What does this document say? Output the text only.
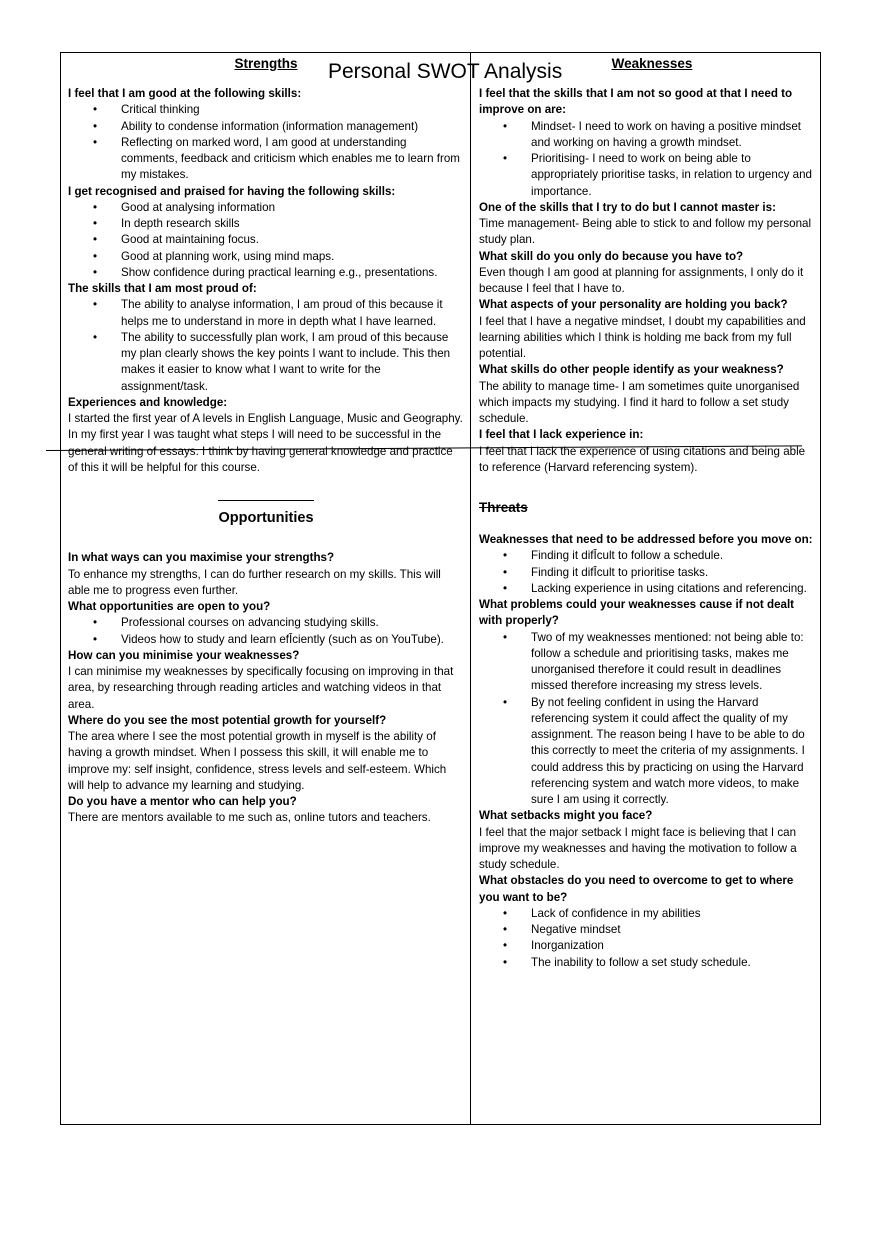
Personal SWOT Analysis
Strengths

I feel that I am good at the following skills:

• Critical thinking
• Ability to condense information (information management)
• Reflecting on marked word, I am good at understanding comments, feedback and criticism which enables me to learn from my mistakes.

I get recognised and praised for having the following skills:

• Good at analysing information
• In depth research skills
• Good at maintaining focus.
• Good at planning work, using mind maps.
• Show confidence during practical learning e.g., presentations.

The skills that I am most proud of:

• The ability to analyse information, I am proud of this because it helps me to understand in more in depth what I have learned.
• The ability to successfully plan work, I am proud of this because my plan clearly shows the key points I want to include. This then makes it easier to know what I want to write for the assignment/task.

Experiences and knowledge:

I started the first year of A levels in English Language, Music and Geography. In my first year I was taught what steps I will need to be successful in the general writing of essays. I think by having general knowledge and practice of this it will be helpful for this course.

Opportunities

In what ways can you maximise your strengths?

To enhance my strengths, I can do further research on my skills. This will able me to progress even further.

What opportunities are open to you?

• Professional courses on advancing studying skills.
• Videos how to study and learn efĪciently (such as on YouTube).

How can you minimise your weaknesses?

I can minimise my weaknesses by specifically focusing on improving in that area, by researching through reading articles and watching videos in that area.

Where do you see the most potential growth for yourself?

The area where I see the most potential growth in myself is the ability of having a growth mindset. When I possess this skill, it will enable me to improve my: self insight, confidence, stress levels and self-esteem. Which will help to advance my learning and studying.

Do you have a mentor who can help you?

There are mentors available to me such as, online tutors and teachers.

Weaknesses

I feel that the skills that I am not so good at that I need to improve on are:

• Mindset- I need to work on having a positive mindset and working on having a growth mindset.
• Prioritising- I need to work on being able to appropriately prioritise tasks, in relation to urgency and importance.

One of the skills that I try to do but I cannot master is:

Time management- Being able to stick to and follow my personal study plan.

What skill do you only do because you have to?

Even though I am good at planning for assignments, I only do it because I feel that I have to.

What aspects of your personality are holding you back?

I feel that I have a negative mindset, I doubt my capabilities and learning abilities which I think is holding me back from my full potential.

What skills do other people identify as your weakness?

The ability to manage time- I am sometimes quite unorganised which impacts my studying. I find it hard to follow a set study schedule.

I feel that I lack experience in:

I feel that I lack the experience of using citations and being able to reference (Harvard referencing system).

Threats

Weaknesses that need to be addressed before you move on:

• Finding it difĪcult to follow a schedule.
• Finding it difĪcult to prioritise tasks.
• Lacking experience in using citations and referencing.

What problems could your weaknesses cause if not dealt with properly?

• Two of my weaknesses mentioned: not being able to: follow a schedule and prioritising tasks, makes me unorganised therefore it could result in deadlines missed therefore increasing my stress levels.
• By not feeling confident in using the Harvard referencing system it could affect the quality of my assignment. The reason being I have to be able to do this correctly to meet the criteria of my assignments. I could address this by practicing on using the Harvard referencing system and watch more videos, to make sure I am using it correctly.

What setbacks might you face?

I feel that the major setback I might face is believing that I can improve my weaknesses and having the motivation to follow a study schedule.

What obstacles do you need to overcome to get to where you want to be?

• Lack of confidence in my abilities
• Negative mindset
• Inorganization
• The inability to follow a set study schedule.
